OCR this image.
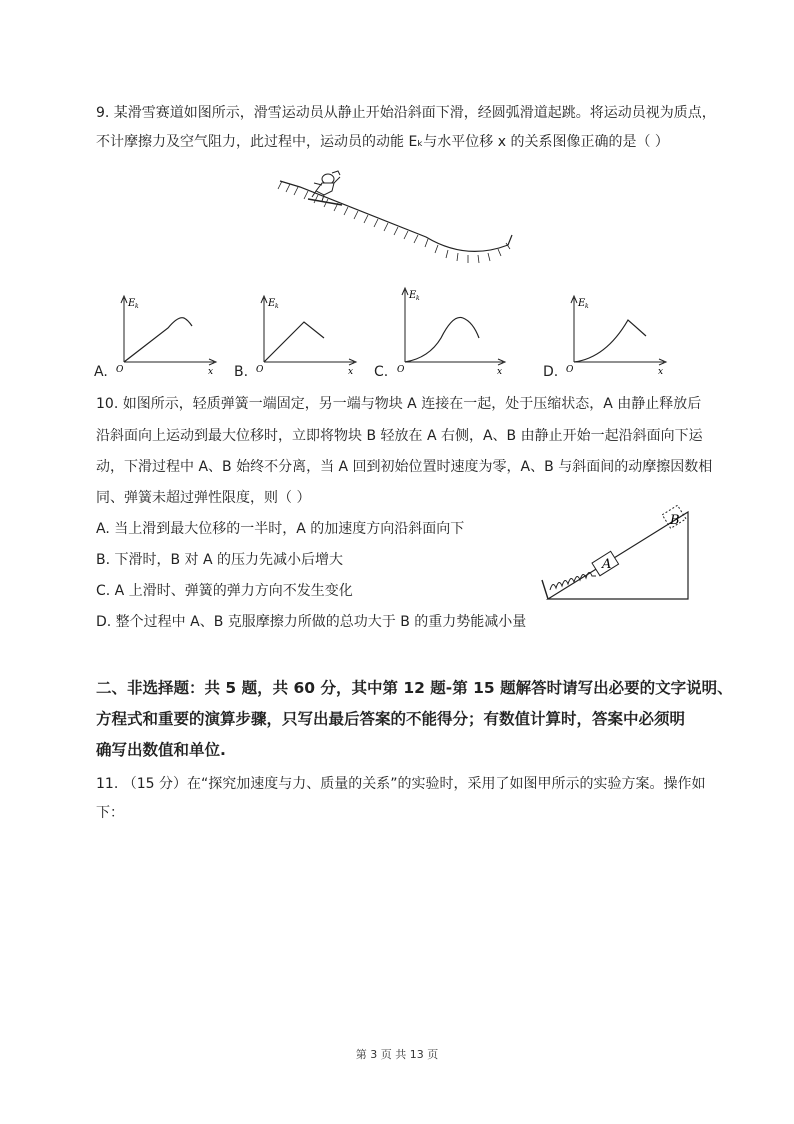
9. 某滑雪赛道如图所示，滑雪运动员从静止开始沿斜面下滑，经圆弧滑道起跳。将运动员视为质点，
不计摩擦力及空气阻力，此过程中，运动员的动能 Eₖ与水平位移 x 的关系图像正确的是（ ）
E k
O	x
A.
E k
O	x
B.
E k
O	x
C.
E k
O	x
D.
10. 如图所示，轻质弹簧一端固定，另一端与物块 A 连接在一起，处于压缩状态，A 由静止释放后
沿斜面向上运动到最大位移时，立即将物块 B 轻放在 A 右侧，A、B 由静止开始一起沿斜面向下运
动，下滑过程中 A、B 始终不分离，当 A 回到初始位置时速度为零，A、B 与斜面间的动摩擦因数相
同、弹簧未超过弹性限度，则（ ）
A. 当上滑到最大位移的一半时，A 的加速度方向沿斜面向下
B. 下滑时，B 对 A 的压力先减小后增大
C. A 上滑时、弹簧的弹力方向不发生变化
D. 整个过程中 A、B 克服摩擦力所做的总功大于 B 的重力势能减小量
A
B
二、非选择题：共 5 题，共 60 分，其中第 12 题-第 15 题解答时请写出必要的文字说明、
方程式和重要的演算步骤，只写出最后答案的不能得分；有数值计算时，答案中必须明
确写出数值和单位.
11. （15 分）在“探究加速度与力、质量的关系”的实验时，采用了如图甲所示的实验方案。操作如
下：
第 3 页 共 13 页
